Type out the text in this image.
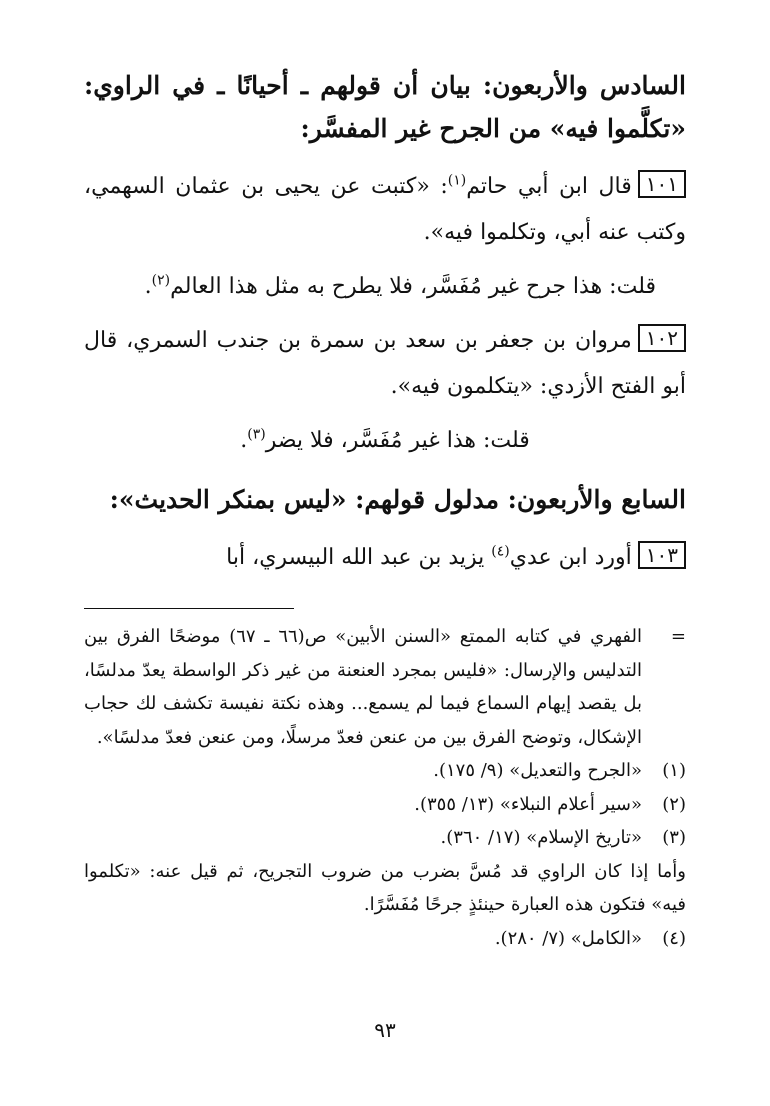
السادس والأربعون: بيان أن قولهم ـ أحيانًا ـ في الراوي: «تكلَّموا فيه» من الجرح غير المفسَّر:

١٠١قال ابن أبي حاتم$^{(١)}$: «كتبت عن يحيى بن عثمان السهمي، وكتب عنه أبي، وتكلموا فيه».

قلت: هذا جرح غير مُفَسَّر، فلا يطرح به مثل هذا العالم$^{(٢)}$.

١٠٢مروان بن جعفر بن سعد بن سمرة بن جندب السمري، قال أبو الفتح الأزدي: «يتكلمون فيه».

قلت: هذا غير مُفَسَّر، فلا يضر$^{(٣)}$.

السابع والأربعون: مدلول قولهم: «ليس بمنكر الحديث»:

١٠٣أورد ابن عدي$^{(٤)}$ يزيد بن عبد الله البيسري، أبا

=
الفهري في كتابه الممتع «السنن الأبين» ص(٦٦ ـ ٦٧) موضحًا الفرق بين التدليس والإرسال: «فليس بمجرد العنعنة من غير ذكر الواسطة يعدّ مدلسًا، بل يقصد إيهام السماع فيما لم يسمع... وهذه نكتة نفيسة تكشف لك حجاب الإشكال، وتوضح الفرق بين من عنعن فعدّ مرسلًا، ومن عنعن فعدّ مدلسًا».
(١)
«الجرح والتعديل» (٩/ ١٧٥).
(٢)
«سير أعلام النبلاء» (١٣/ ٣٥٥).
(٣)
«تاريخ الإسلام» (١٧/ ٣٦٠).

وأما إذا كان الراوي قد مُسَّ بضرب من ضروب التجريح، ثم قيل عنه: «تكلموا فيه» فتكون هذه العبارة حينئذٍ جرحًا مُفَسَّرًا.

(٤)
«الكامل» (٧/ ٢٨٠).
٩٣
